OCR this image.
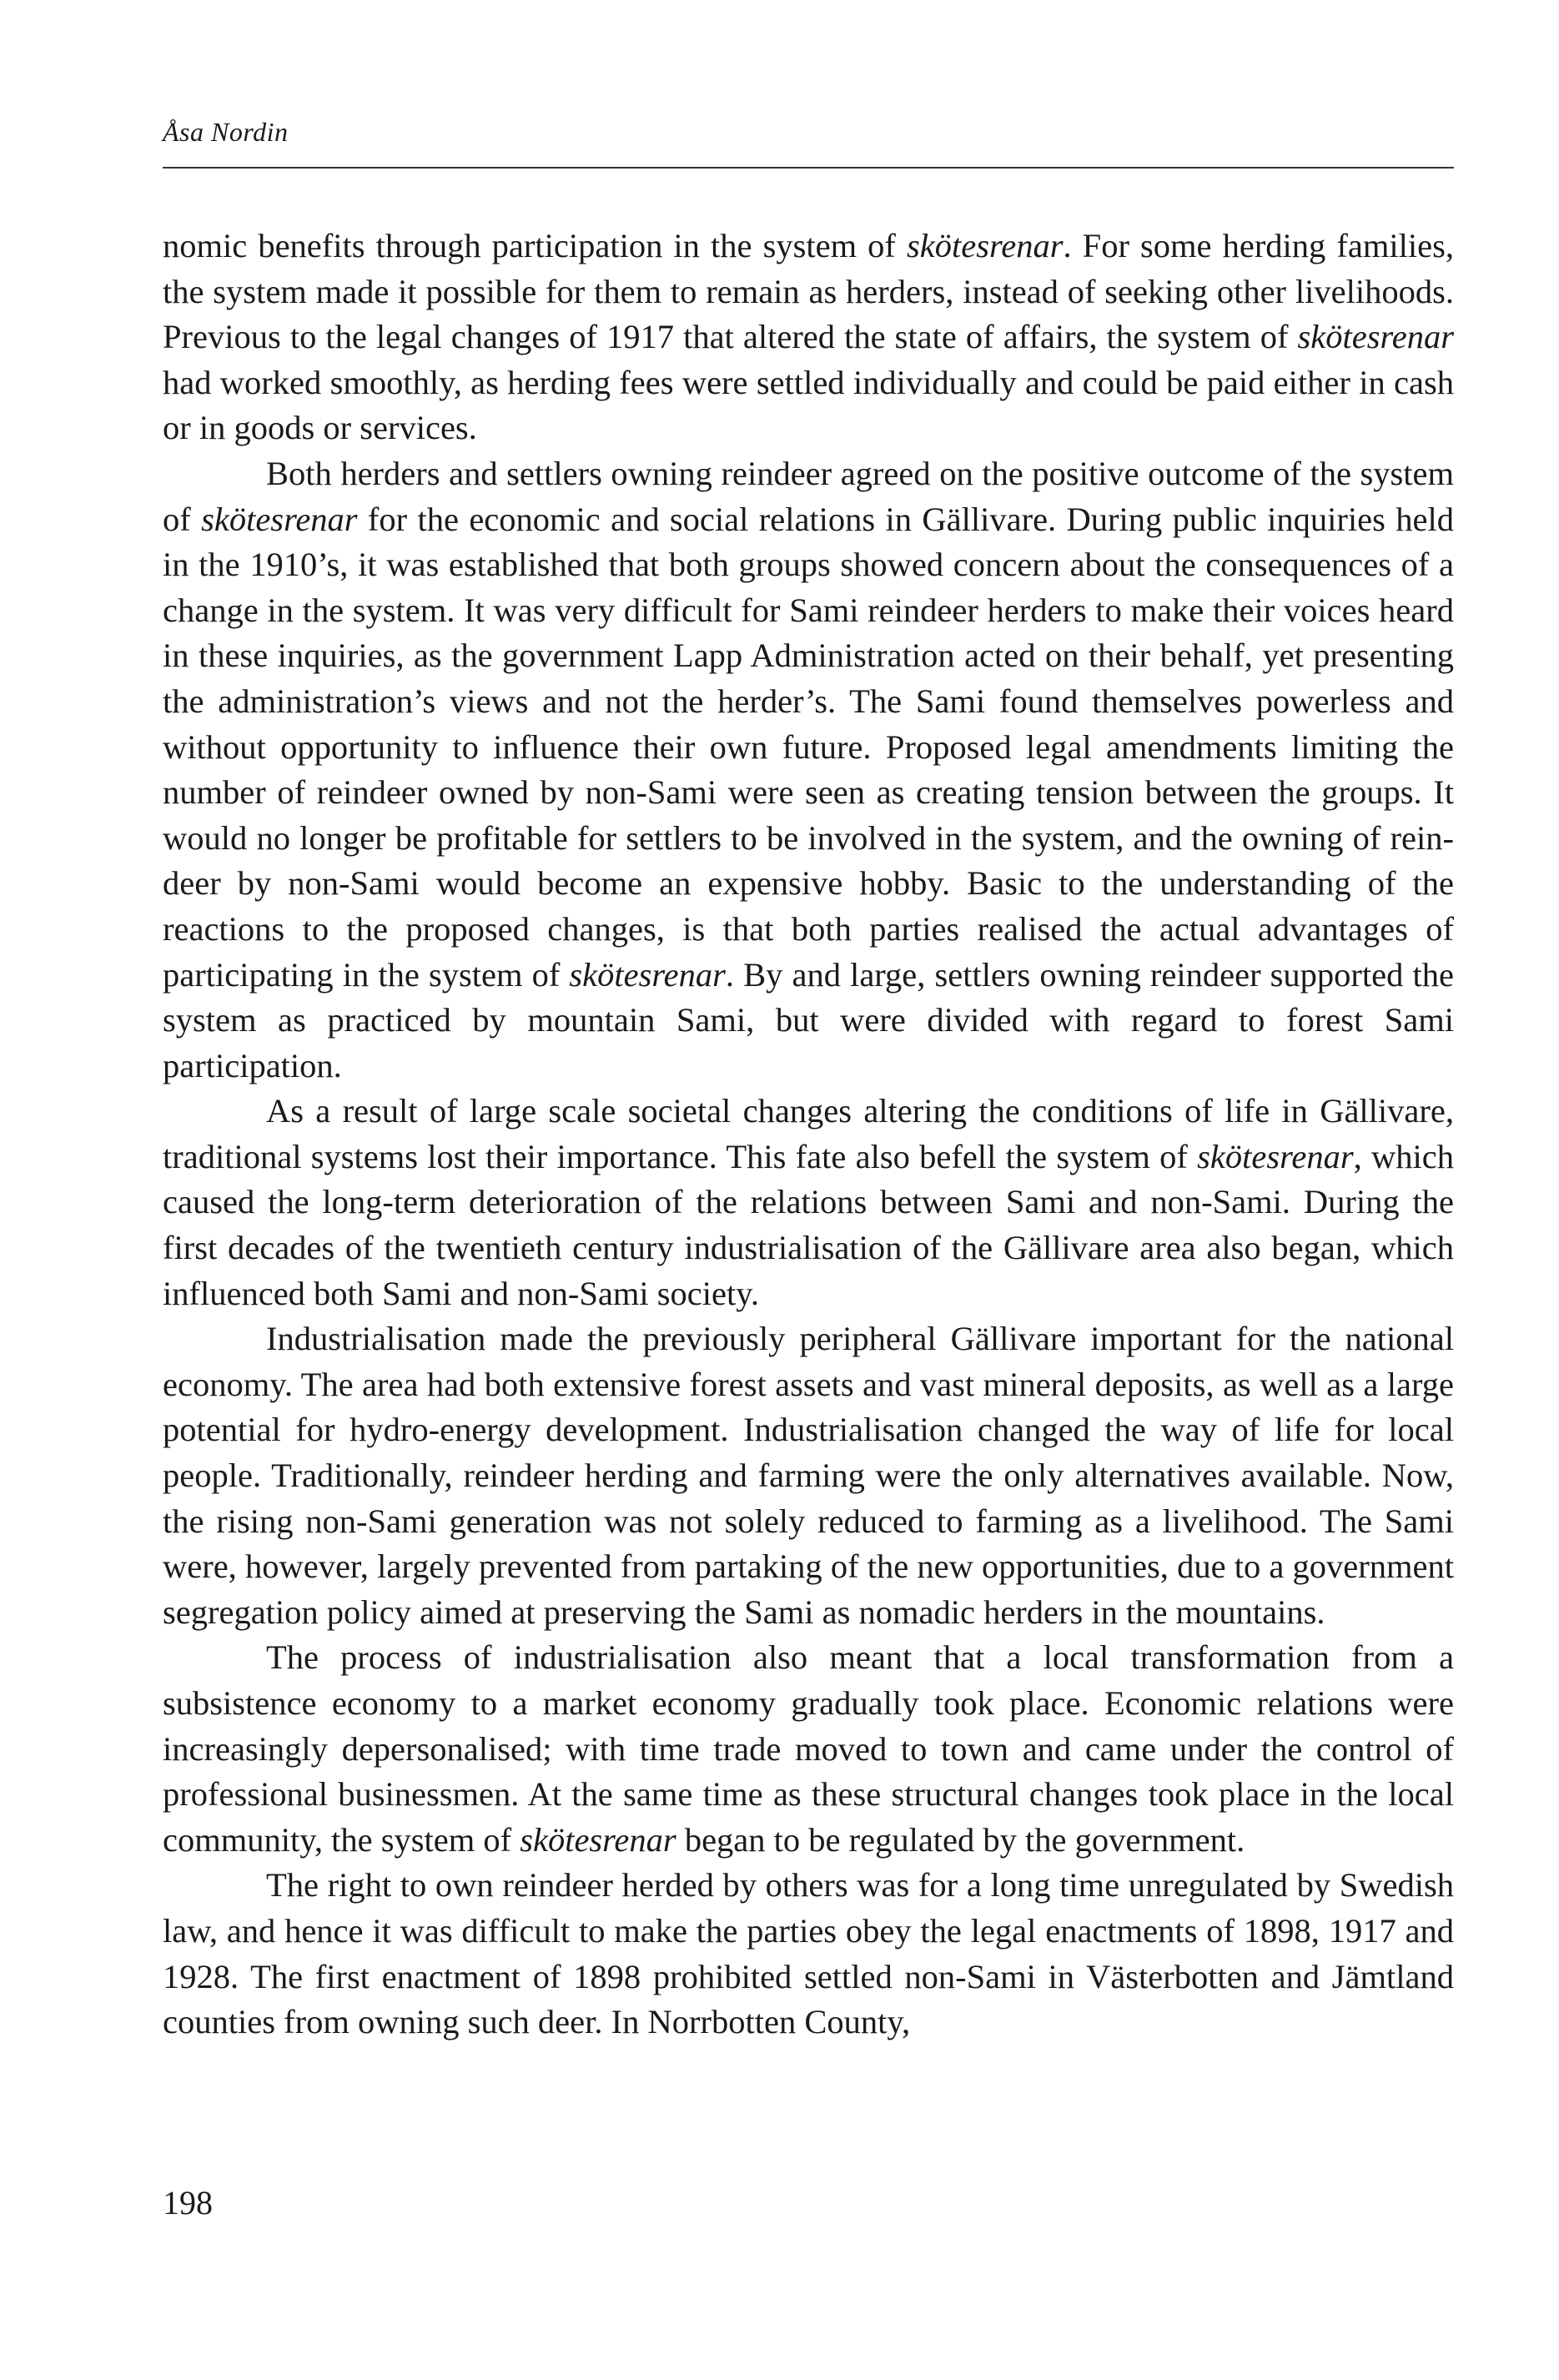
Åsa Nordin

nomic benefits through participation in the system of skötesrenar. For some herding families, the system made it possible for them to remain as herders, instead of seeking other livelihoods. Previous to the legal changes of 1917 that altered the state of affairs, the system of skötesrenar had worked smoothly, as herding fees were settled individually and could be paid either in cash or in goods or services.

Both herders and settlers owning reindeer agreed on the positive outcome of the system of skötesrenar for the economic and social relations in Gällivare. During public inquiries held in the 1910’s, it was established that both groups showed concern about the consequences of a change in the system. It was very difficult for Sami reindeer herders to make their voices heard in these inquiries, as the government Lapp Administration acted on their behalf, yet presenting the administration’s views and not the herder’s. The Sami found themselves powerless and without opportunity to influence their own future. Proposed legal amendments limiting the number of reindeer owned by non-Sami were seen as creating tension between the groups. It would no longer be profitable for settlers to be involved in the system, and the owning of reindeer by non-Sami would become an expensive hobby. Basic to the understanding of the reactions to the proposed changes, is that both parties realised the actual advantages of participating in the system of skötesrenar. By and large, settlers owning reindeer supported the system as practiced by mountain Sami, but were divided with regard to forest Sami participation.

As a result of large scale societal changes altering the conditions of life in Gällivare, traditional systems lost their importance. This fate also befell the system of skötesrenar, which caused the long-term deterioration of the relations between Sami and non-Sami. During the first decades of the twentieth century industrialisation of the Gällivare area also began, which influenced both Sami and non-Sami society.

Industrialisation made the previously peripheral Gällivare important for the national economy. The area had both extensive forest assets and vast mineral deposits, as well as a large potential for hydro-energy development. Industrialisation changed the way of life for local people. Traditionally, reindeer herding and farming were the only alternatives available. Now, the rising non-Sami generation was not solely reduced to farming as a livelihood. The Sami were, however, largely prevented from partaking of the new opportunities, due to a government segregation policy aimed at preserving the Sami as nomadic herders in the mountains.

The process of industrialisation also meant that a local transformation from a subsistence economy to a market economy gradually took place. Economic relations were increasingly depersonalised; with time trade moved to town and came under the control of professional businessmen. At the same time as these structural changes took place in the local community, the system of skötesrenar began to be regulated by the government.

The right to own reindeer herded by others was for a long time unregulated by Swedish law, and hence it was difficult to make the parties obey the legal enactments of 1898, 1917 and 1928. The first enactment of 1898 prohibited settled non-Sami in Västerbotten and Jämtland counties from owning such deer. In Norrbotten County,

198
